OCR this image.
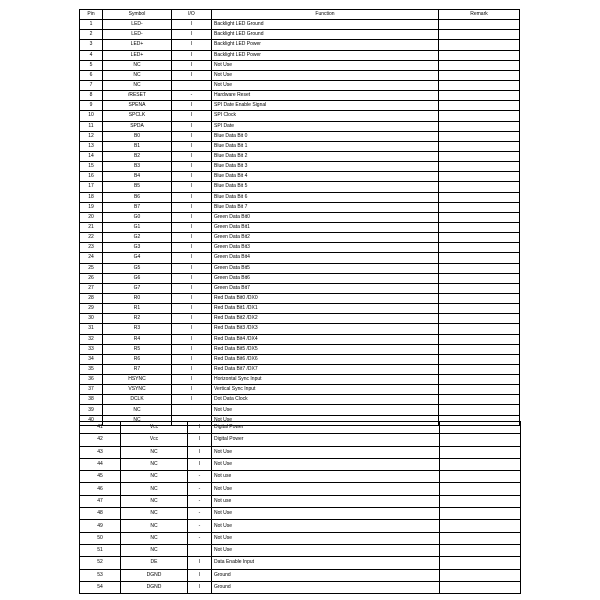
Pin	Symbol	I/O	Function	Remark
1	LED-	I	Backlight LED Ground	
2	LED-	I	Backlight LED Ground	
3	LED+	I	Backlight LED Power	
4	LED+	I	Backlight LED Power	
5	NC	I	Not Use	
6	NC	I	Not Use	
7	NC		Not Use	
8	/RESET	-	Hardware Reset	
9	SPENA	I	SPI Date Enable Signal	
10	SPCLK	I	SPI Clock	
11	SPDA	I	SPI Date	
12	B0	I	Blue Data Bit 0	
13	B1	I	Blue Data Bit 1	
14	B2	I	Blue Data Bit 2	
15	B3	I	Blue Data Bit 3	
16	B4	I	Blue Data Bit 4	
17	B5	I	Blue Data Bit 5	
18	B6	I	Blue Data Bit 6	
19	B7	I	Blue Data Bit 7	
20	G0	I	Green Data Bit0	
21	G1	I	Green Data Bit1	
22	G2	I	Green Data Bit2	
23	G3	I	Green Data Bit3	
24	G4	I	Green Data Bit4	
25	G5	I	Green Data Bit5	
26	G6	I	Green Data Bit6	
27	G7	I	Green Data Bit7	
28	R0	I	Red Data Bit0 /DX0	
29	R1	I	Red Data Bit1 /DX1	
30	R2	I	Red Data Bit2 /DX2	
31	R3	I	Red Data Bit3 /DX3	
32	R4	I	Red Data Bit4 /DX4	
33	R5	I	Red Data Bit5 /DX5	
34	R6	I	Red Data Bit6 /DX6	
35	R7	I	Red Data Bit7 /DX7	
36	HSYNC	I	Horizontal Sync Input	
37	VSYNC	I	Vertical Sync Input	
38	DCLK	I	Dot Data Clock	
39	NC		Not Use	
40	NC		Not Use	
41	Vcc	I	Digital Power	
42	Vcc	I	Digital Power	
43	NC	I	Not Use	
44	NC	I	Not Use	
45	NC	-	Not use	
46	NC	-	Not Use	
47	NC	-	Not use	
48	NC	-	Not Use	
49	NC	-	Not Use	
50	NC	-	Not Use	
51	NC		Not Use	
52	DE	I	Data Enable Input	
53	DGND	I	Ground	
54	DGND	I	Ground	
